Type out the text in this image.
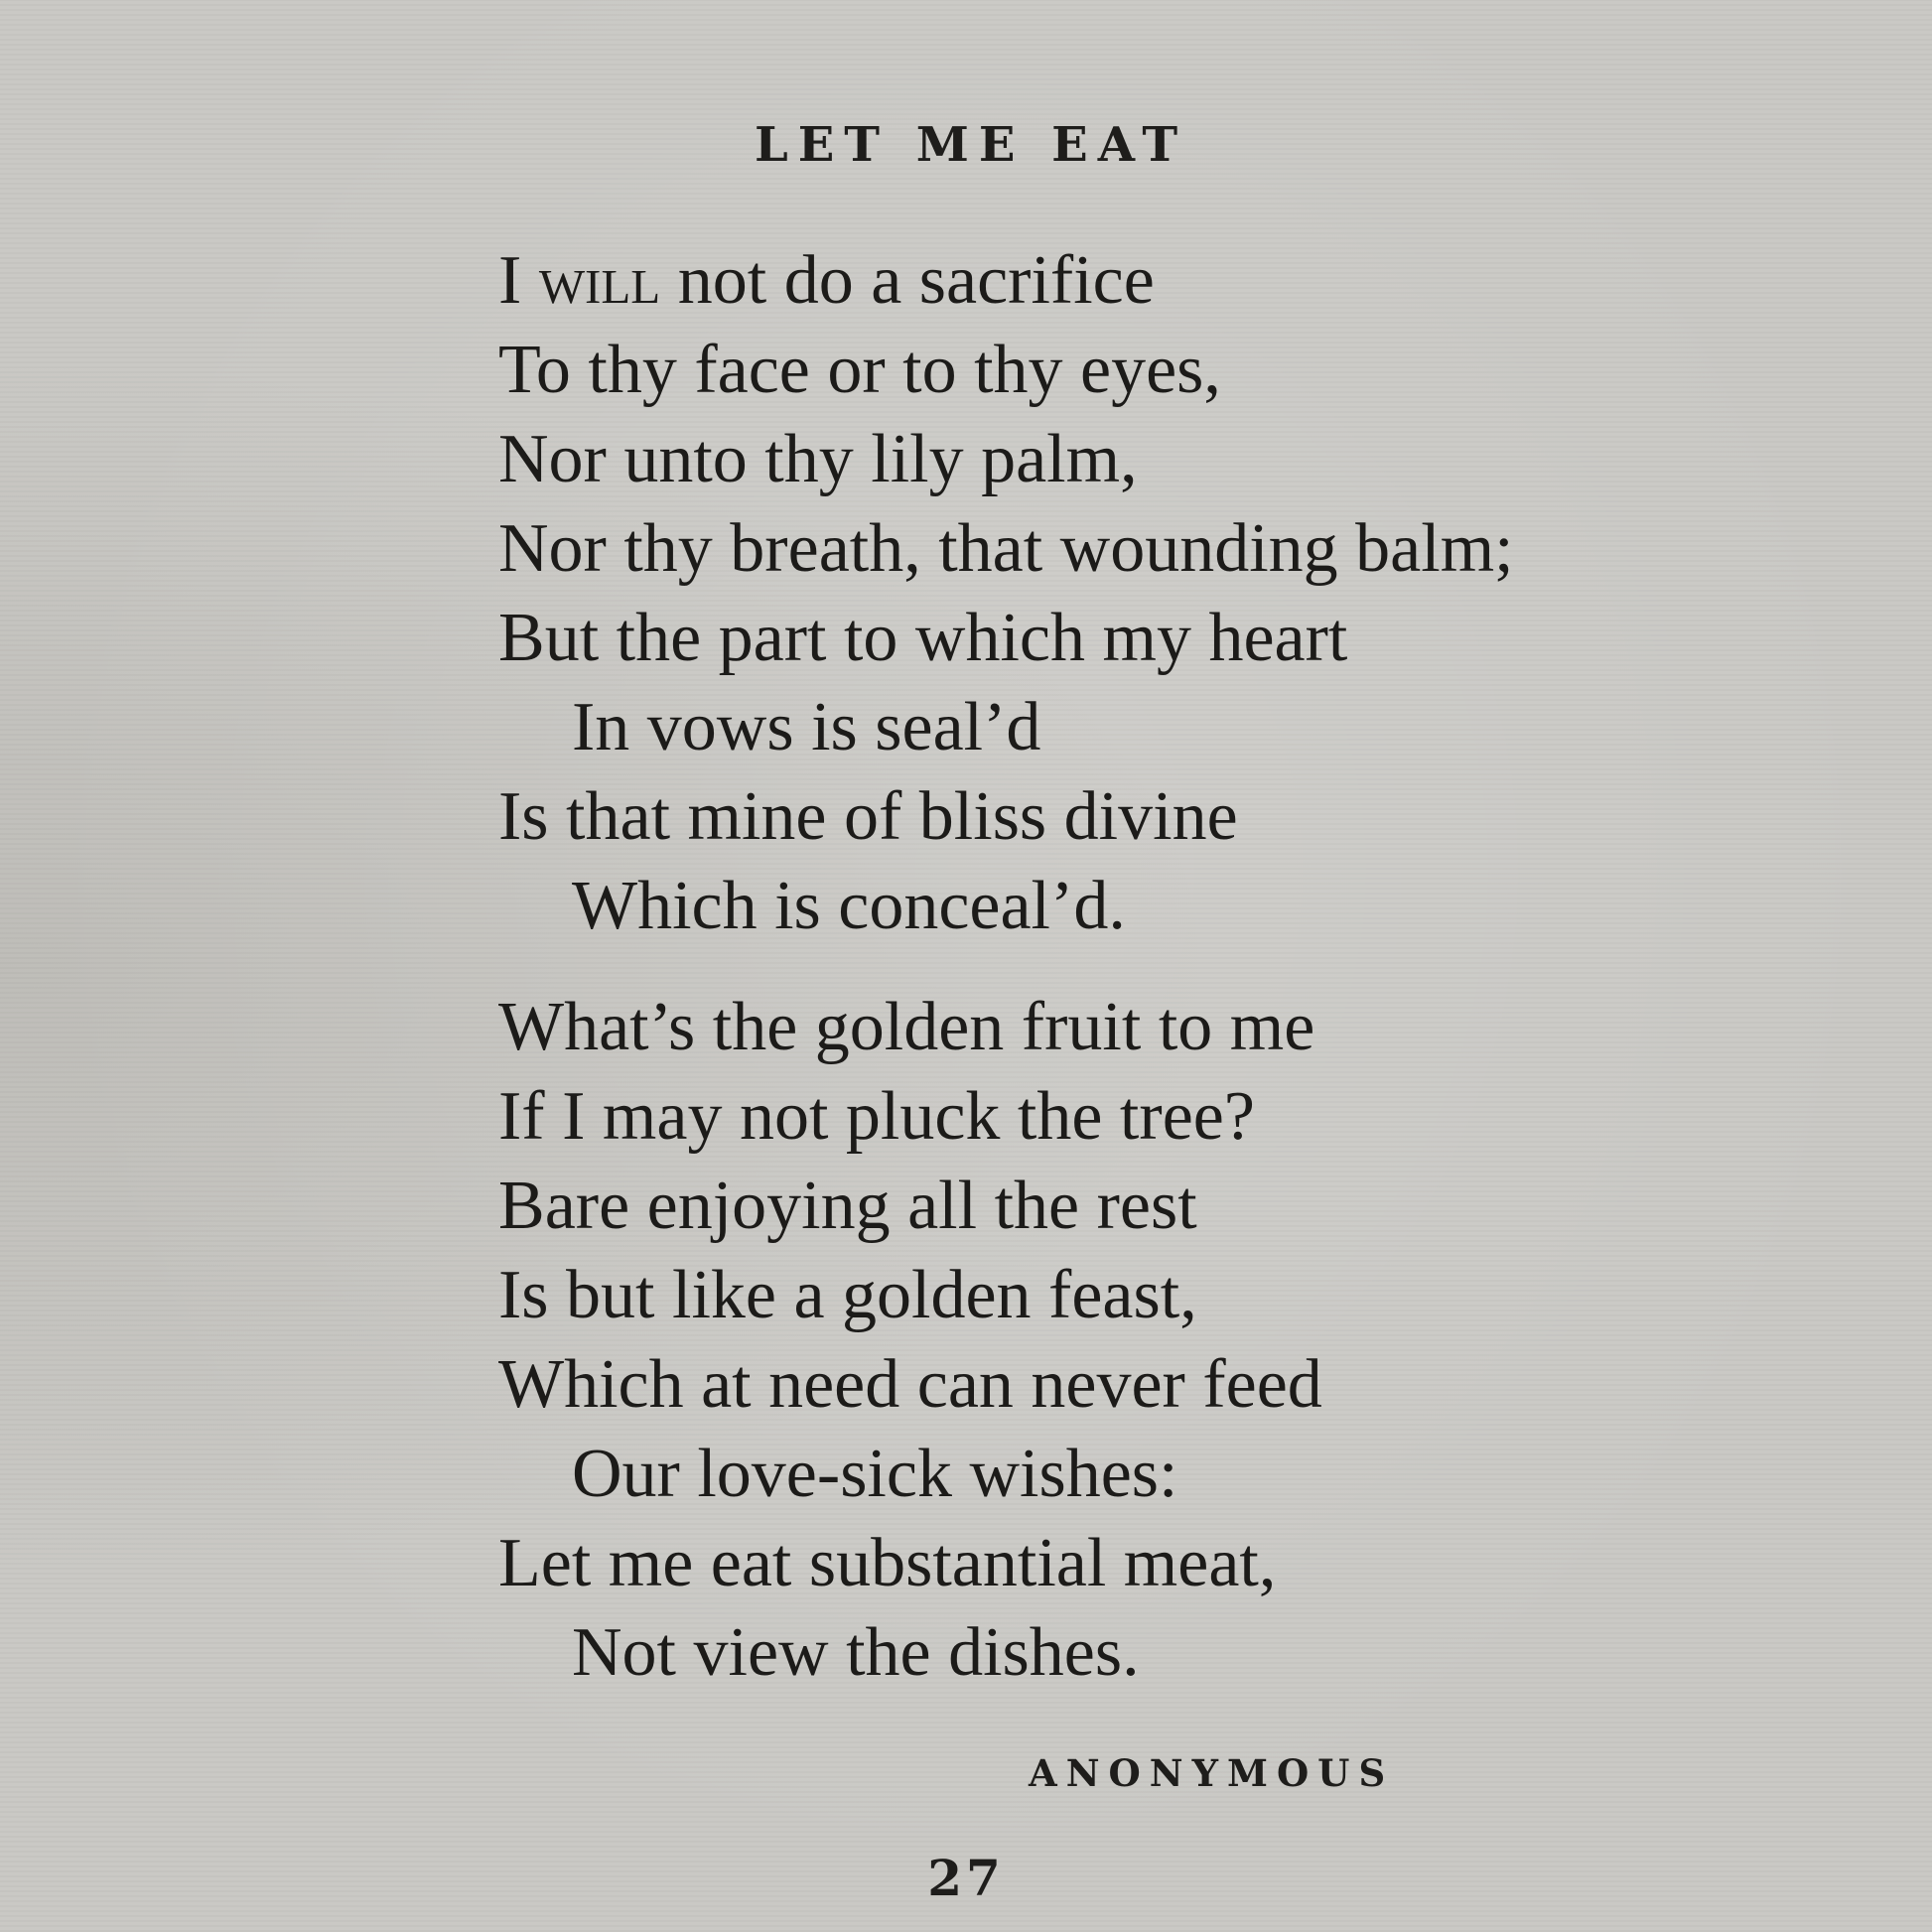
LET ME EAT
I will not do a sacrifice
To thy face or to thy eyes,
Nor unto thy lily palm,
Nor thy breath, that wounding balm;
But the part to which my heart
In vows is seal’d
Is that mine of bliss divine
Which is conceal’d.
What’s the golden fruit to me
If I may not pluck the tree?
Bare enjoying all the rest
Is but like a golden feast,
Which at need can never feed
Our love-sick wishes:
Let me eat substantial meat,
Not view the dishes.
ANONYMOUS
27
